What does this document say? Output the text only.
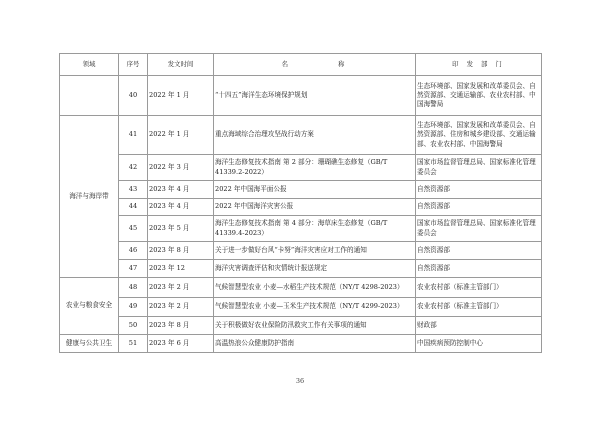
领域	序号	发文时间	名　　　　　称	印 发 部 门
	40	2022 年 1 月	“十四五”海洋生态环境保护规划	生态环境部、国家发展和改革委员会、自然资源部、交通运输部、农业农村部、中国海警局
海洋与海岸带	41	2022 年 1 月	重点海域综合治理攻坚战行动方案	生态环境部、国家发展和改革委员会、自然资源部、住房和城乡建设部、交通运输部、农业农村部、中国海警局
	42	2022 年 3 月	海洋生态修复技术指南 第 2 部分：珊瑚礁生态修复（GB/T 41339.2-2022）	国家市场监督管理总局、国家标准化管理委员会
	43	2023 年 4 月	2022 年中国海平面公报	自然资源部
	44	2023 年 4 月	2022 年中国海洋灾害公报	自然资源部
	45	2023 年 5 月	海洋生态修复技术指南 第 4 部分：海草床生态修复（GB/T 41339.4-2023）	国家市场监督管理总局、国家标准化管理委员会
	46	2023 年 8 月	关于进一步做好台风“卡努”海洋灾害应对工作的通知	自然资源部
	47	2023 年 12	海洋灾害调查评估和灾情统计报送规定	自然资源部
农业与粮食安全	48	2023 年 2 月	气候智慧型农业 小麦—水稻生产技术规范（NY/T 4298-2023）	农业农村部（标准主管部门）
	49	2023 年 2 月	气候智慧型农业 小麦—玉米生产技术规范（NY/T 4299-2023）	农业农村部（标准主管部门）
	50	2023 年 8 月	关于积极做好农业保险防汛救灾工作有关事项的通知	财政部
健康与公共卫生	51	2023 年 6 月	高温热浪公众健康防护指南	中国疾病预防控制中心
36
